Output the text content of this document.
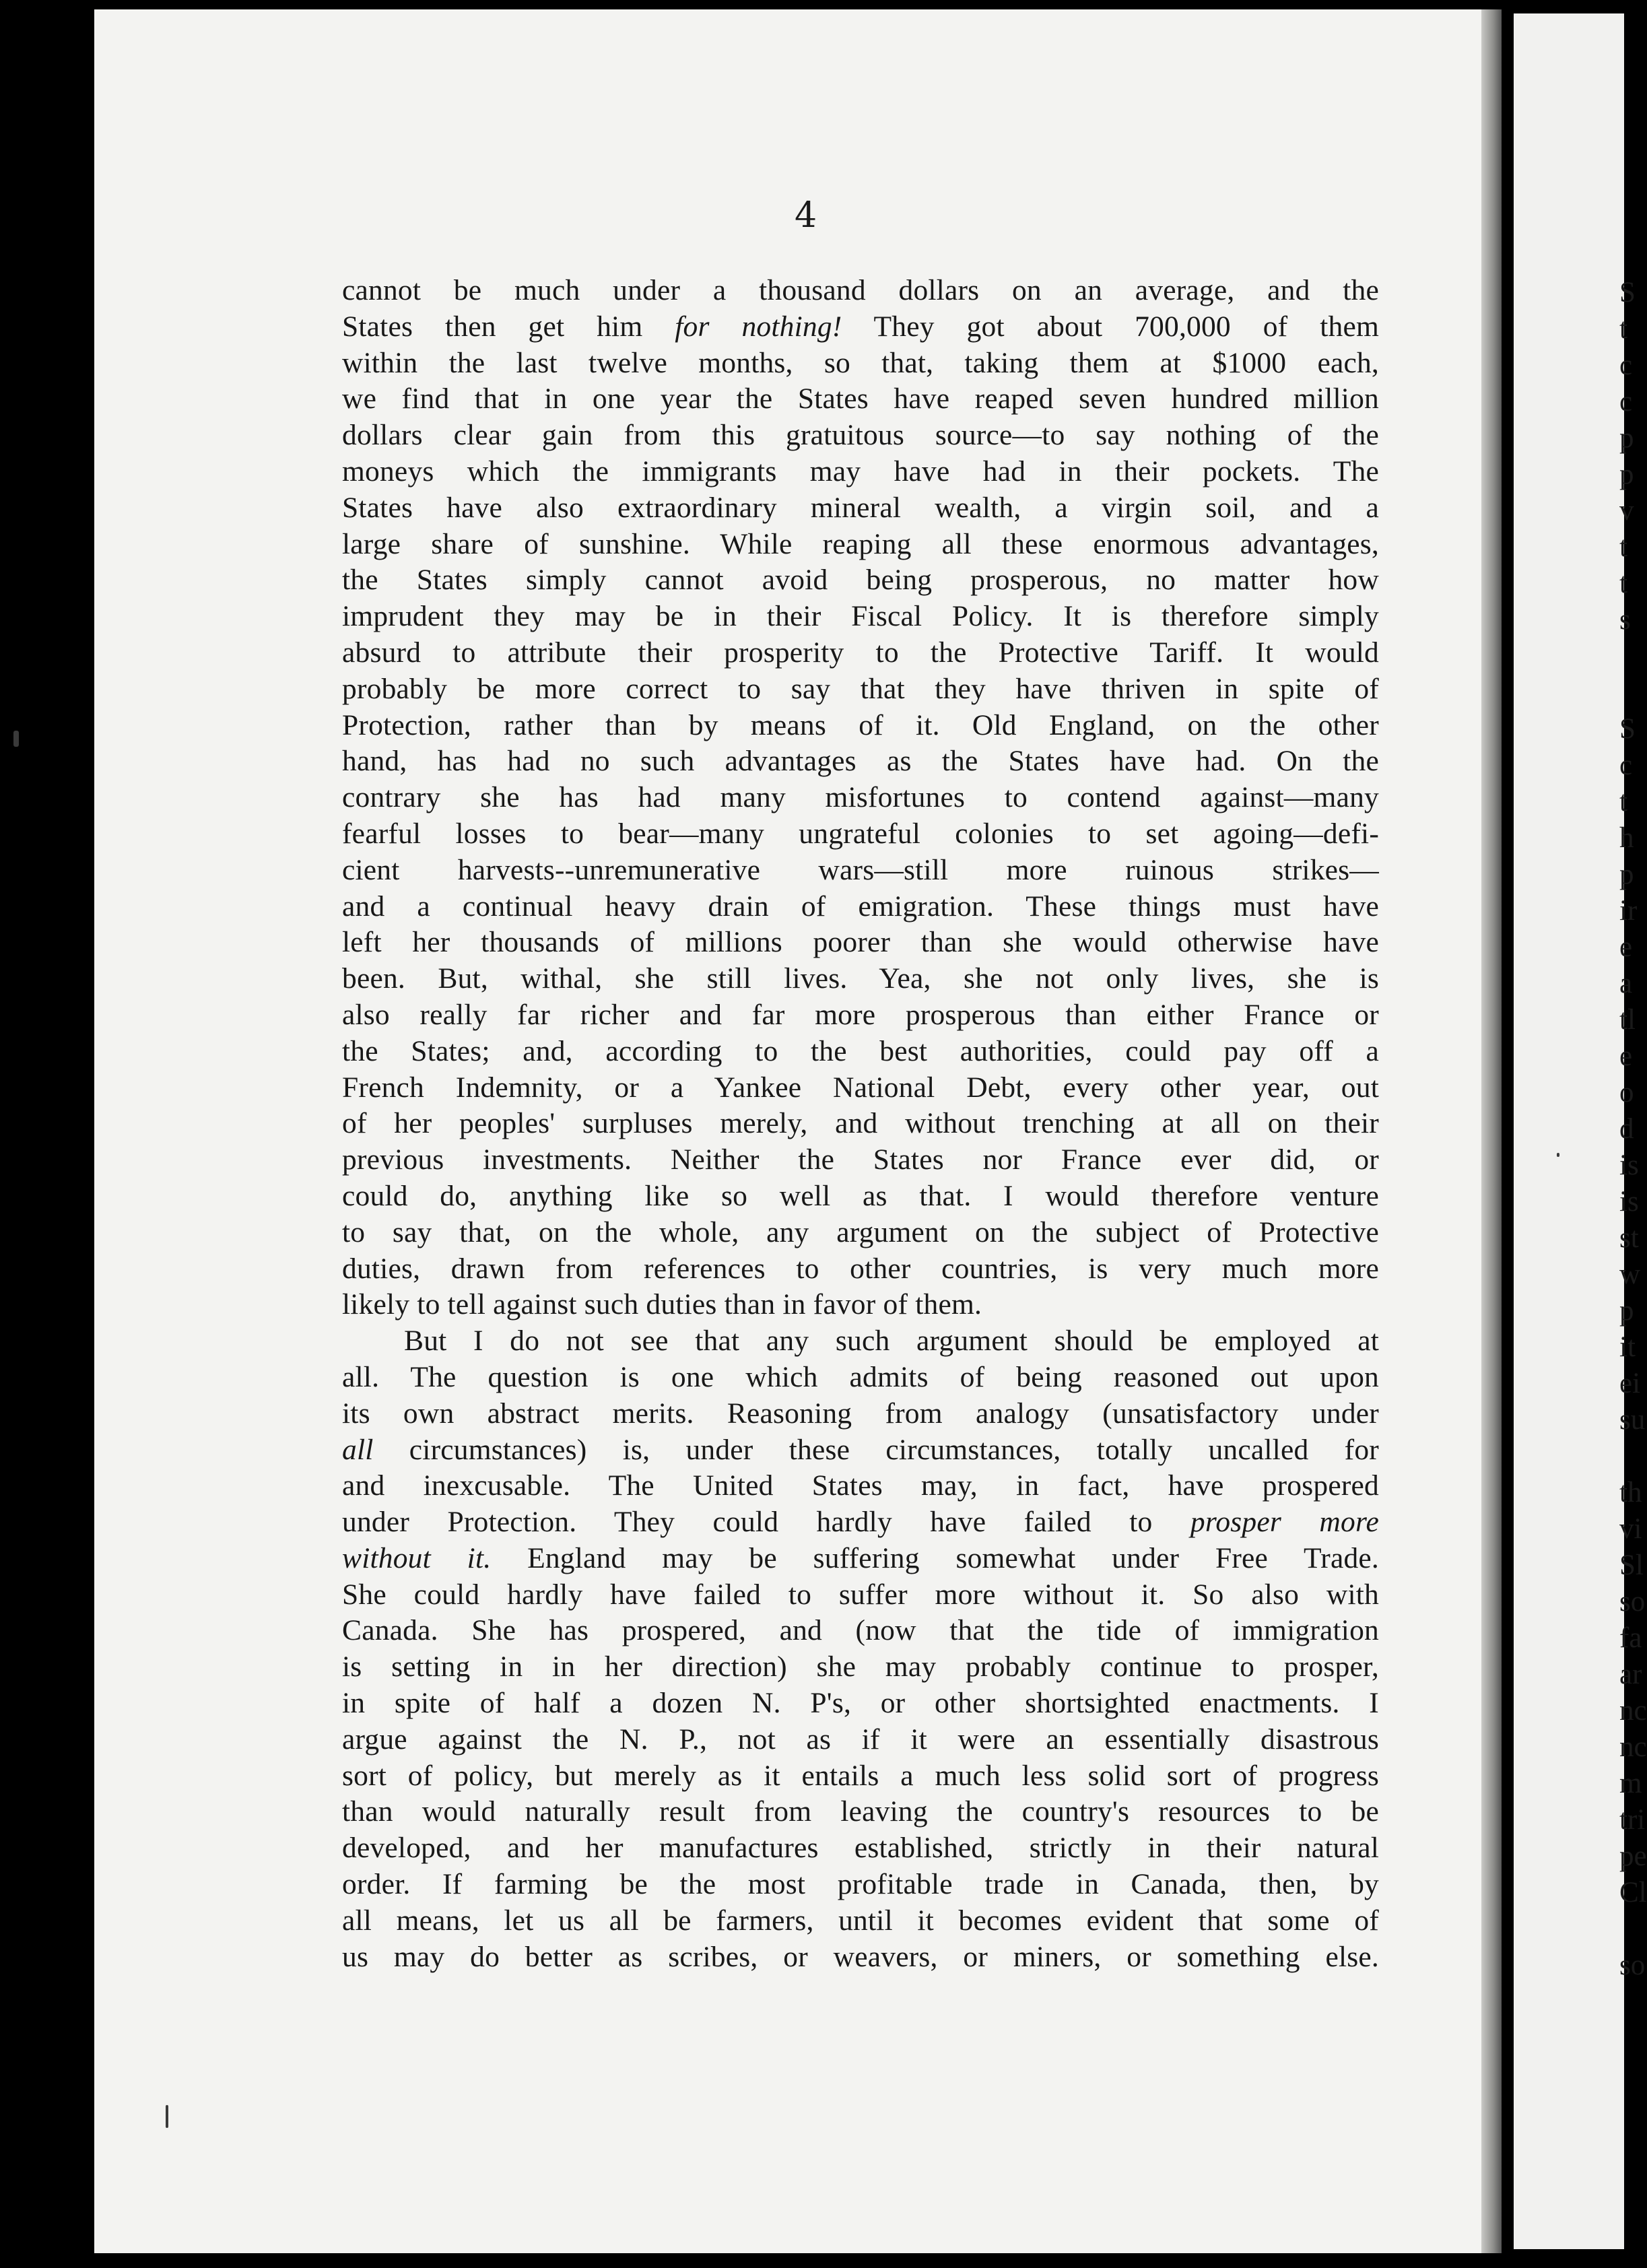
4
cannot be much under a thousand dollars on an average, and the
States then get him for nothing! They got about 700,000 of them
within the last twelve months, so that, taking them at $1000 each,
we find that in one year the States have reaped seven hundred million
dollars clear gain from this gratuitous source—to say nothing of the
moneys which the immigrants may have had in their pockets. The
States have also extraordinary mineral wealth, a virgin soil, and a
large share of sunshine. While reaping all these enormous advantages,
the States simply cannot avoid being prosperous, no matter how
imprudent they may be in their Fiscal Policy. It is therefore simply
absurd to attribute their prosperity to the Protective Tariff. It would
probably be more correct to say that they have thriven in spite of
Protection, rather than by means of it. Old England, on the other
hand, has had no such advantages as the States have had. On the
contrary she has had many misfortunes to contend against—many
fearful losses to bear—many ungrateful colonies to set agoing—defi-
cient harvests--unremunerative wars—still more ruinous strikes—
and a continual heavy drain of emigration. These things must have
left her thousands of millions poorer than she would otherwise have
been. But, withal, she still lives. Yea, she not only lives, she is
also really far richer and far more prosperous than either France or
the States; and, according to the best authorities, could pay off a
French Indemnity, or a Yankee National Debt, every other year, out
of her peoples' surpluses merely, and without trenching at all on their
previous investments. Neither the States nor France ever did, or
could do, anything like so well as that. I would therefore venture
to say that, on the whole, any argument on the subject of Protective
duties, drawn from references to other countries, is very much more
likely to tell against such duties than in favor of them.
But I do not see that any such argument should be employed at
all. The question is one which admits of being reasoned out upon
its own abstract merits. Reasoning from analogy (unsatisfactory under
all circumstances) is, under these circumstances, totally uncalled for
and inexcusable. The United States may, in fact, have prospered
under Protection. They could hardly have failed to prosper more
without it. England may be suffering somewhat under Free Trade.
She could hardly have failed to suffer more without it. So also with
Canada. She has prospered, and (now that the tide of immigration
is setting in in her direction) she may probably continue to prosper,
in spite of half a dozen N. P's, or other shortsighted enactments. I
argue against the N. P., not as if it were an essentially disastrous
sort of policy, but merely as it entails a much less solid sort of progress
than would naturally result from leaving the country's resources to be
developed, and her manufactures established, strictly in their natural
order. If farming be the most profitable trade in Canada, then, by
all means, let us all be farmers, until it becomes evident that some of
us may do better as scribes, or weavers, or miners, or something else.
S
t
c
c
p
p
v
t
t
s
S
c
t
h
p
ir
e
a
tl
e
o
d
is
is
st
w
p
it
ei
su
th
vi
Sl
so
fa
ar
nc
nc
m
tri
pe
Cl
so
